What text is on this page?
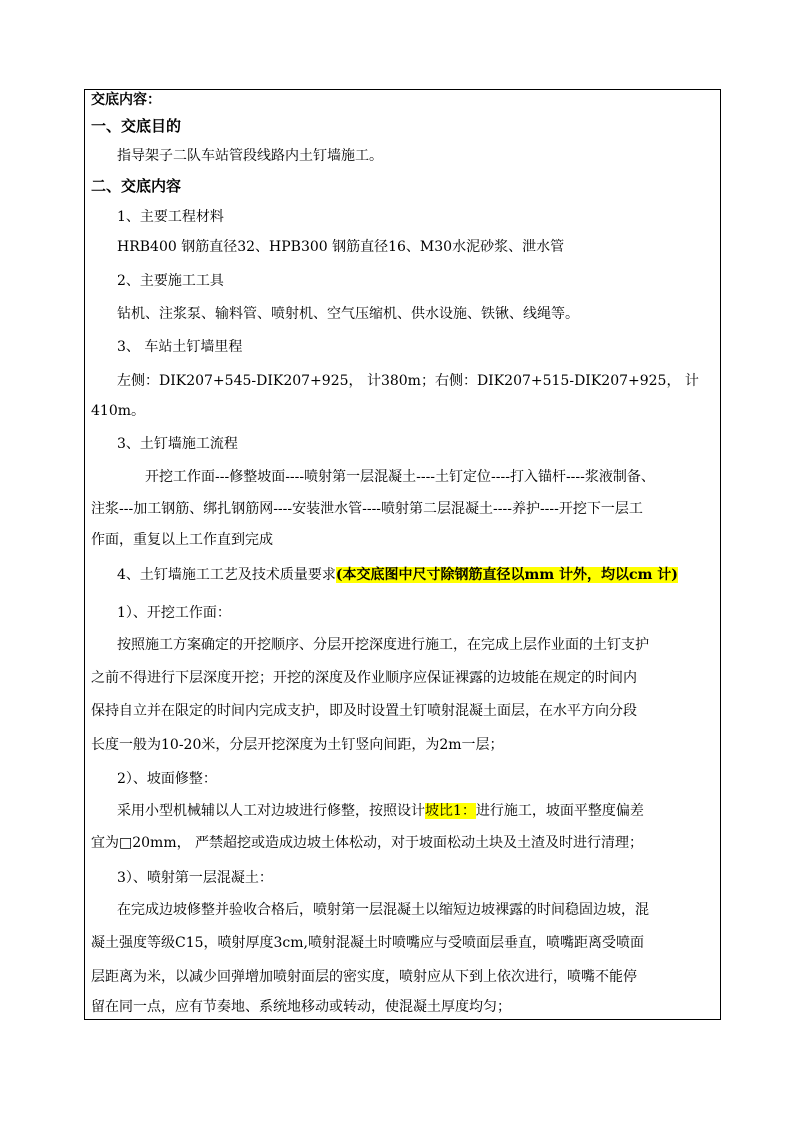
交底内容：
一、交底目的
指导架子二队车站管段线路内土钉墙施工。
二、交底内容
1、主要工程材料
HRB400 钢筋直径32、HPB300 钢筋直径16、M30水泥砂浆、泄水管
2、主要施工工具
钻机、注浆泵、输料管、喷射机、空气压缩机、供水设施、铁锹、线绳等。
3、 车站土钉墙里程
左侧：DIK207+545-DIK207+925， 计380m；右侧：DIK207+515-DIK207+925， 计
410m。
3、土钉墙施工流程
开挖工作面---修整坡面----喷射第一层混凝土----土钉定位----打入锚杆----浆液制备、
注浆---加工钢筋、绑扎钢筋网----安装泄水管----喷射第二层混凝土----养护----开挖下一层工
作面，重复以上工作直到完成
4、土钉墙施工工艺及技术质量要求(本交底图中尺寸除钢筋直径以mm 计外，均以cm 计)
1）、开挖工作面：
按照施工方案确定的开挖顺序、分层开挖深度进行施工，在完成上层作业面的土钉支护
之前不得进行下层深度开挖；开挖的深度及作业顺序应保证裸露的边坡能在规定的时间内
保持自立并在限定的时间内完成支护，即及时设置土钉喷射混凝土面层，在水平方向分段
长度一般为10-20米，分层开挖深度为土钉竖向间距，为2m一层；
2）、坡面修整：
采用小型机械辅以人工对边坡进行修整，按照设计坡比1：进行施工，坡面平整度偏差
宜为□20mm， 严禁超挖或造成边坡土体松动，对于坡面松动土块及土渣及时进行清理；
3）、喷射第一层混凝土：
在完成边坡修整并验收合格后，喷射第一层混凝土以缩短边坡裸露的时间稳固边坡，混
凝土强度等级C15，喷射厚度3cm,喷射混凝土时喷嘴应与受喷面层垂直，喷嘴距离受喷面
层距离为米，以减少回弹增加喷射面层的密实度，喷射应从下到上依次进行，喷嘴不能停
留在同一点，应有节奏地、系统地移动或转动，使混凝土厚度均匀；
